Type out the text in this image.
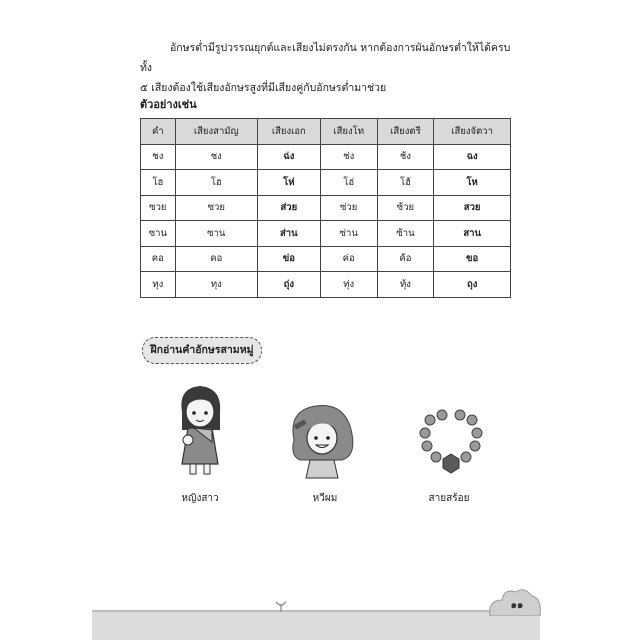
อักษรต่ำมีรูปวรรณยุกต์และเสียงไม่ตรงกัน หากต้องการผันอักษรต่ำให้ได้ครบทั้ง
๕ เสียงต้องใช้เสียงอักษรสูงที่มีเสียงคู่กับอักษรต่ำมาช่วย
ตัวอย่างเช่น
คำ	เสียงสามัญ	เสียงเอก	เสียงโท	เสียงตรี	เสียงจัตวา
ชง	ชง	ฉ่ง	ช่ง	ช้ง	ฉง
โฮ	โฮ	โห่	โฮ่	โฮ้	โห
ซวย	ซวย	ส่วย	ซ่วย	ซ้วย	สวย
ซาน	ซาน	ส่าน	ซ่าน	ซ้าน	สาน
คอ	คอ	ข่อ	ค่อ	ค้อ	ขอ
ทุง	ทุง	ถุ่ง	ทุ่ง	ทุ้ง	ถุง
ฝึกอ่านคำอักษรสามหมู่
หญิงสาว	หวีผม	สายสร้อย
๑๑
